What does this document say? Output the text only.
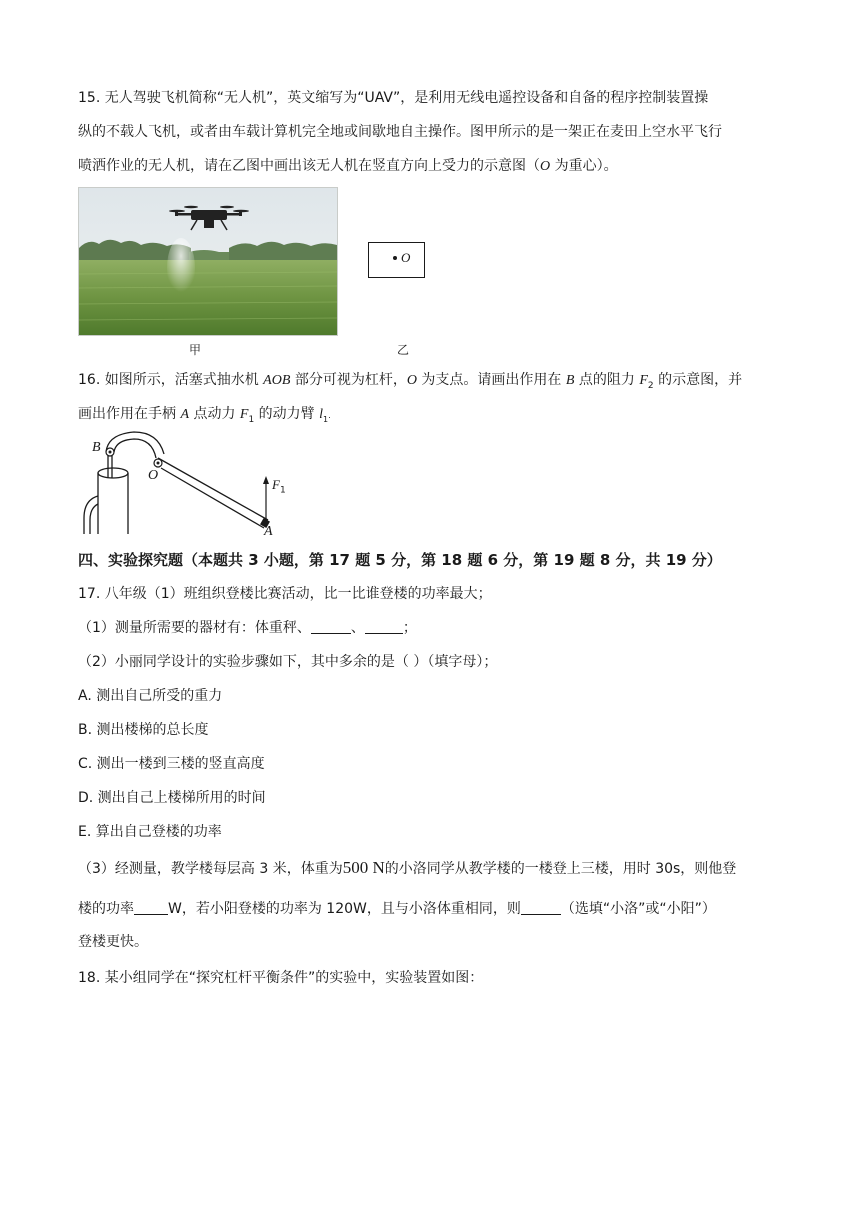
15. 无人驾驶飞机简称“无人机”，英文缩写为“UAV”，是利用无线电遥控设备和自备的程序控制装置操
纵的不载人飞机，或者由车载计算机完全地或间歇地自主操作。图甲所示的是一架正在麦田上空水平飞行
喷洒作业的无人机，请在乙图中画出该无人机在竖直方向上受力的示意图（O 为重心）。
甲
O
乙
16. 如图所示，活塞式抽水机 AOB 部分可视为杠杆，O 为支点。请画出作用在 B 点的阻力 $F_2$ 的示意图，并
画出作用在手柄 A 点动力 $F_1$ 的动力臂 $l_1$.
B
O
A
$F_1$
四、实验探究题（本题共 3 小题，第 17 题 5 分，第 18 题 6 分，第 19 题 8 分，共 19 分）
17. 八年级（1）班组织登楼比赛活动，比一比谁登楼的功率最大；
（1）测量所需要的器材有：体重秤、	、	；
（2）小丽同学设计的实验步骤如下，其中多余的是（ ）（填字母）；
A. 测出自己所受的重力
B. 测出楼梯的总长度
C. 测出一楼到三楼的竖直高度
D. 测出自己上楼梯所用的时间
E. 算出自己登楼的功率
（3）经测量，教学楼每层高 3 米，体重为500 N的小洛同学从教学楼的一楼登上三楼，用时 30s，则他登
楼的功率 W，若小阳登楼的功率为 120W，且与小洛体重相同，则	（选填“小洛”或“小阳”）
登楼更快。
18. 某小组同学在“探究杠杆平衡条件”的实验中，实验装置如图：
